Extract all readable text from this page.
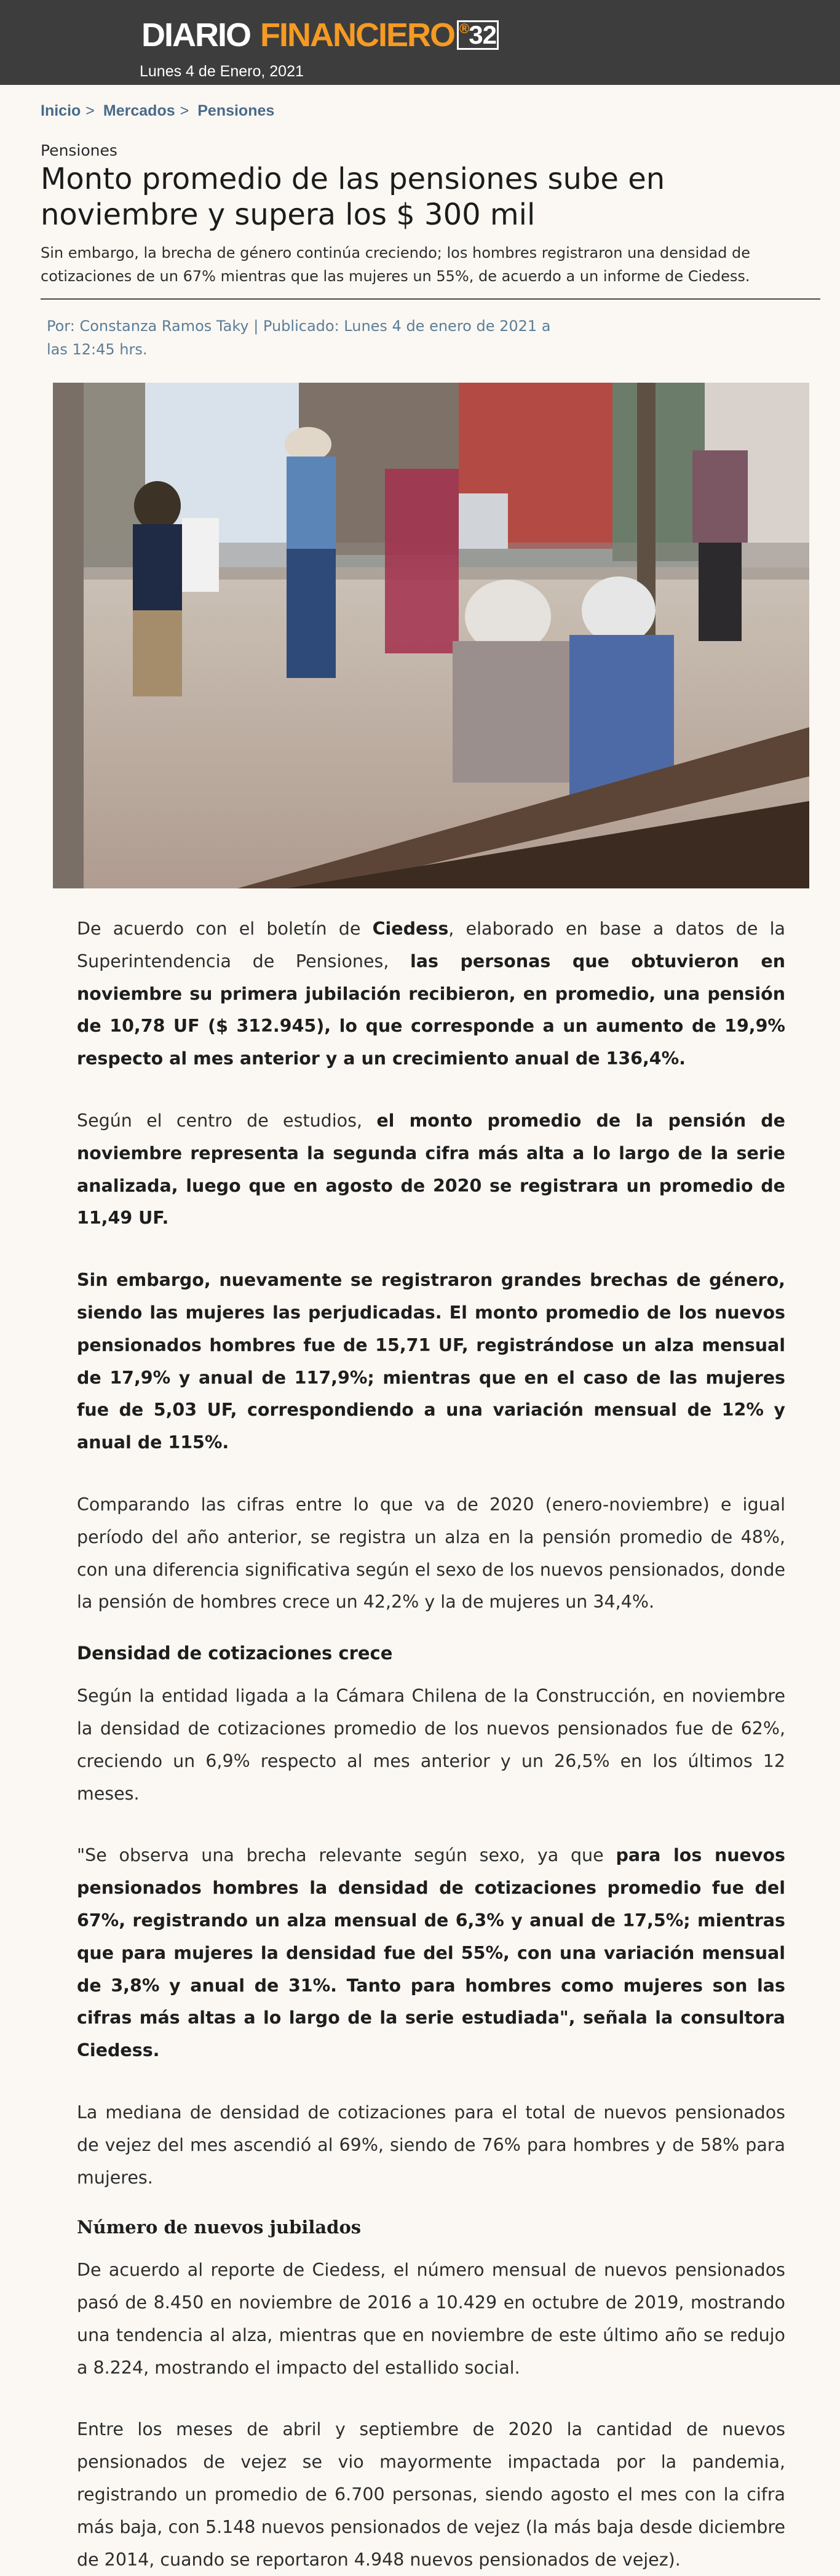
DIARIO FINANCIERO ®32
Lunes 4 de Enero, 2021
Inicio > Mercados > Pensiones
Pensiones
Monto promedio de las pensiones sube en noviembre y supera los $ 300 mil

Sin embargo, la brecha de género continúa creciendo; los hombres registraron una densidad de cotizaciones de un 67% mientras que las mujeres un 55%, de acuerdo a un informe de Ciedess.

Por: Constanza Ramos Taky | Publicado: Lunes 4 de enero de 2021 a las 12:45 hrs.

De acuerdo con el boletín de Ciedess, elaborado en base a datos de la Superintendencia de Pensiones, las personas que obtuvieron en noviembre su primera jubilación recibieron, en promedio, una pensión de 10,78 UF ($ 312.945), lo que corresponde a un aumento de 19,9% respecto al mes anterior y a un crecimiento anual de 136,4%.

Según el centro de estudios, el monto promedio de la pensión de noviembre representa la segunda cifra más alta a lo largo de la serie analizada, luego que en agosto de 2020 se registrara un promedio de 11,49 UF.

Sin embargo, nuevamente se registraron grandes brechas de género, siendo las mujeres las perjudicadas. El monto promedio de los nuevos pensionados hombres fue de 15,71 UF, registrándose un alza mensual de 17,9% y anual de 117,9%; mientras que en el caso de las mujeres fue de 5,03 UF, correspondiendo a una variación mensual de 12% y anual de 115%.

Comparando las cifras entre lo que va de 2020 (enero-noviembre) e igual período del año anterior, se registra un alza en la pensión promedio de 48%, con una diferencia significativa según el sexo de los nuevos pensionados, donde la pensión de hombres crece un 42,2% y la de mujeres un 34,4%.

Densidad de cotizaciones crece

Según la entidad ligada a la Cámara Chilena de la Construcción, en noviembre la densidad de cotizaciones promedio de los nuevos pensionados fue de 62%, creciendo un 6,9% respecto al mes anterior y un 26,5% en los últimos 12 meses.

"Se observa una brecha relevante según sexo, ya que para los nuevos pensionados hombres la densidad de cotizaciones promedio fue del 67%, registrando un alza mensual de 6,3% y anual de 17,5%; mientras que para mujeres la densidad fue del 55%, con una variación mensual de 3,8% y anual de 31%. Tanto para hombres como mujeres son las cifras más altas a lo largo de la serie estudiada", señala la consultora Ciedess.

La mediana de densidad de cotizaciones para el total de nuevos pensionados de vejez del mes ascendió al 69%, siendo de 76% para hombres y de 58% para mujeres.

Número de nuevos jubilados

De acuerdo al reporte de Ciedess, el número mensual de nuevos pensionados pasó de 8.450 en noviembre de 2016 a 10.429 en octubre de 2019, mostrando una tendencia al alza, mientras que en noviembre de este último año se redujo a 8.224, mostrando el impacto del estallido social.

Entre los meses de abril y septiembre de 2020 la cantidad de nuevos pensionados de vejez se vio mayormente impactada por la pandemia, registrando un promedio de 6.700 personas, siendo agosto el mes con la cifra más baja, con 5.148 nuevos pensionados de vejez (la más baja desde diciembre de 2014, cuando se reportaron 4.948 nuevos pensionados de vejez).
